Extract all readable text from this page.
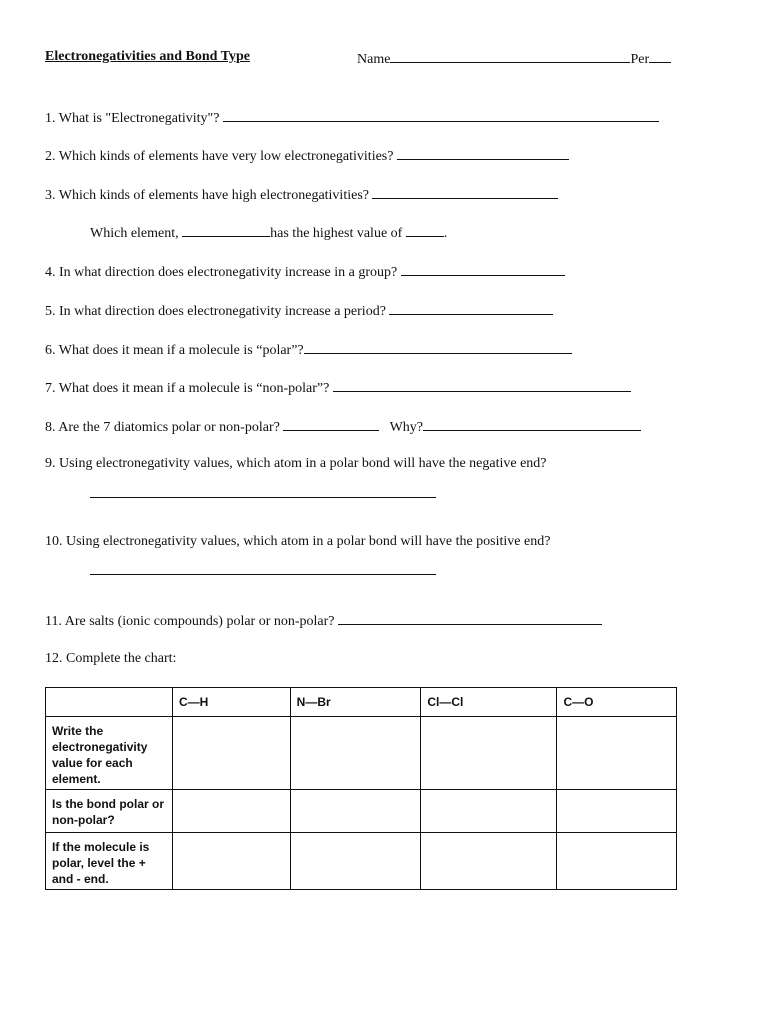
Electronegativities and Bond Type	Name	Per
1. What is "Electronegativity"?
2. Which kinds of elements have very low electronegativities?
3. Which kinds of elements have high electronegativities?
Which element,	has the highest value of	.
4. In what direction does electronegativity increase in a group?
5. In what direction does electronegativity increase a period?
6. What does it mean if a molecule is “polar”?
7. What does it mean if a molecule is “non-polar”?
8. Are the 7 diatomics polar or non-polar?	Why?
9. Using electronegativity values, which atom in a polar bond will have the negative end?
10. Using electronegativity values, which atom in a polar bond will have the positive end?
11. Are salts (ionic compounds) polar or non-polar?
12. Complete the chart:
	C—H	N—Br	Cl—Cl	C—O
Write the electronegativity value for each element.				
Is the bond polar or non-polar?				
If the molecule is polar, level the + and - end.				
